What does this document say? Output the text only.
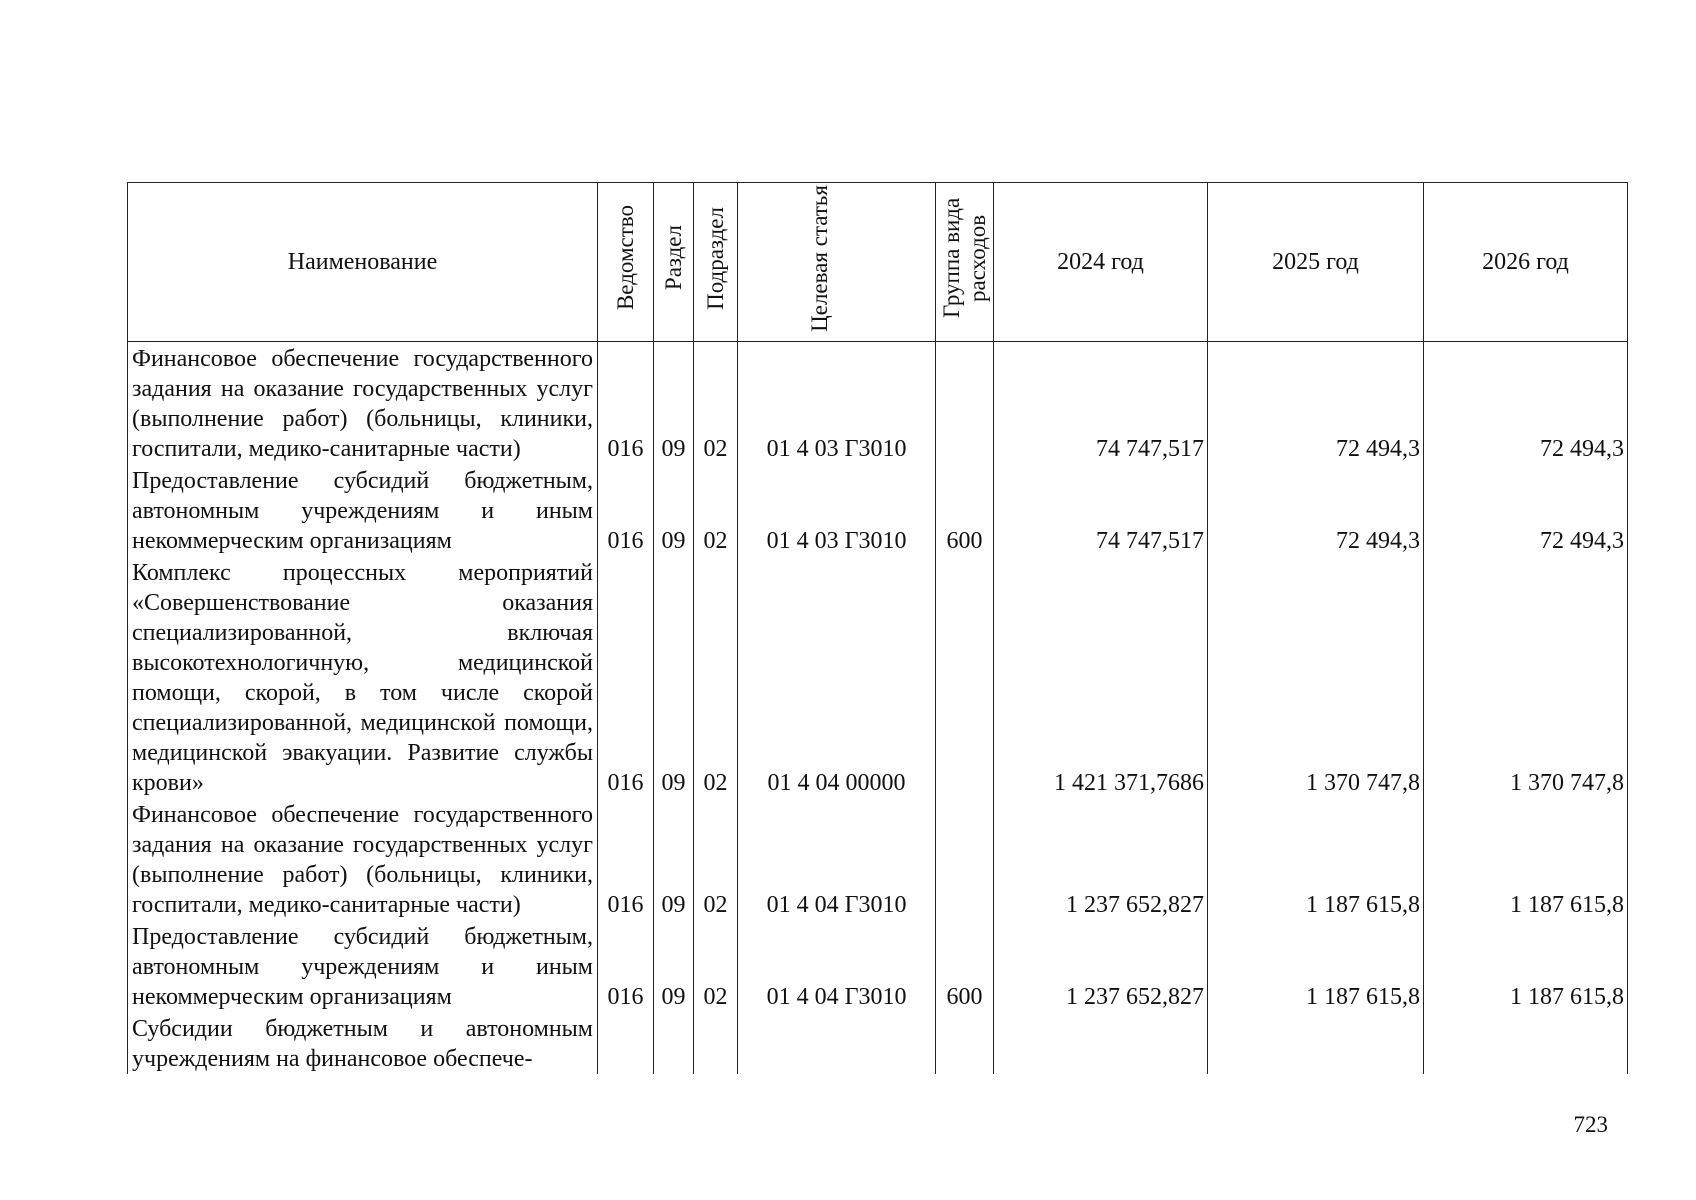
Наименование	Ведомство	Раздел	Подраздел	Целевая статья	Группа вида расходов	2024 год	2025 год	2026 год
Финансовое обеспечение государственного задания на оказание государственных услуг (выполнение работ) (больницы, клиники, госпитали, медико-санитарные части)	016	09	02	01 4 03 Г3010		74 747,517	72 494,3	72 494,3
Предоставление субсидий бюджетным, автономным учреждениям и иным некоммерческим организациям	016	09	02	01 4 03 Г3010	600	74 747,517	72 494,3	72 494,3
Комплекс процессных мероприятий «Совершенствование оказания специализированной, включая высокотехнологичную, медицинской помощи, скорой, в том числе скорой специализированной, медицинской помощи, медицинской эвакуации. Развитие службы крови»	016	09	02	01 4 04 00000		1 421 371,7686	1 370 747,8	1 370 747,8
Финансовое обеспечение государственного задания на оказание государственных услуг (выполнение работ) (больницы, клиники, госпитали, медико-санитарные части)	016	09	02	01 4 04 Г3010		1 237 652,827	1 187 615,8	1 187 615,8
Предоставление субсидий бюджетным, автономным учреждениям и иным некоммерческим организациям	016	09	02	01 4 04 Г3010	600	1 237 652,827	1 187 615,8	1 187 615,8
Субсидии бюджетным и автономным учреждениям на финансовое обеспече-								
723
